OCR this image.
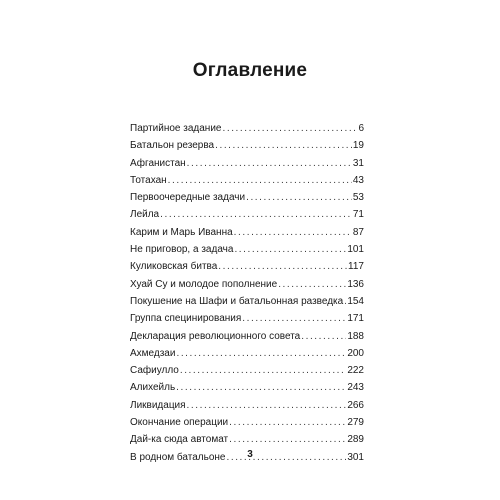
Оглавление
Партийное задание . . .	6
Батальон резерва . . .	19
Афганистан . . .	31
Тотахан . . .	43
Первоочередные задачи . . .	53
Лейла . . .	71
Карим и Марь Иванна . . .	87
Не приговор, а задача . . .	101
Куликовская битва . . .	117
Хуай Су и молодое пополнение . . .	136
Покушение на Шафи и батальонная разведка . . . 154
Группа специнирования . . .	171
Декларация революционного совета . . .	188
Ахмедзаи . . .	200
Сафиулло . . .	222
Алихейль . . .	243
Ликвидация . . .	266
Окончание операции . . .	279
Дай-ка сюда автомат . . .	289
В родном батальоне . . .	301
3
